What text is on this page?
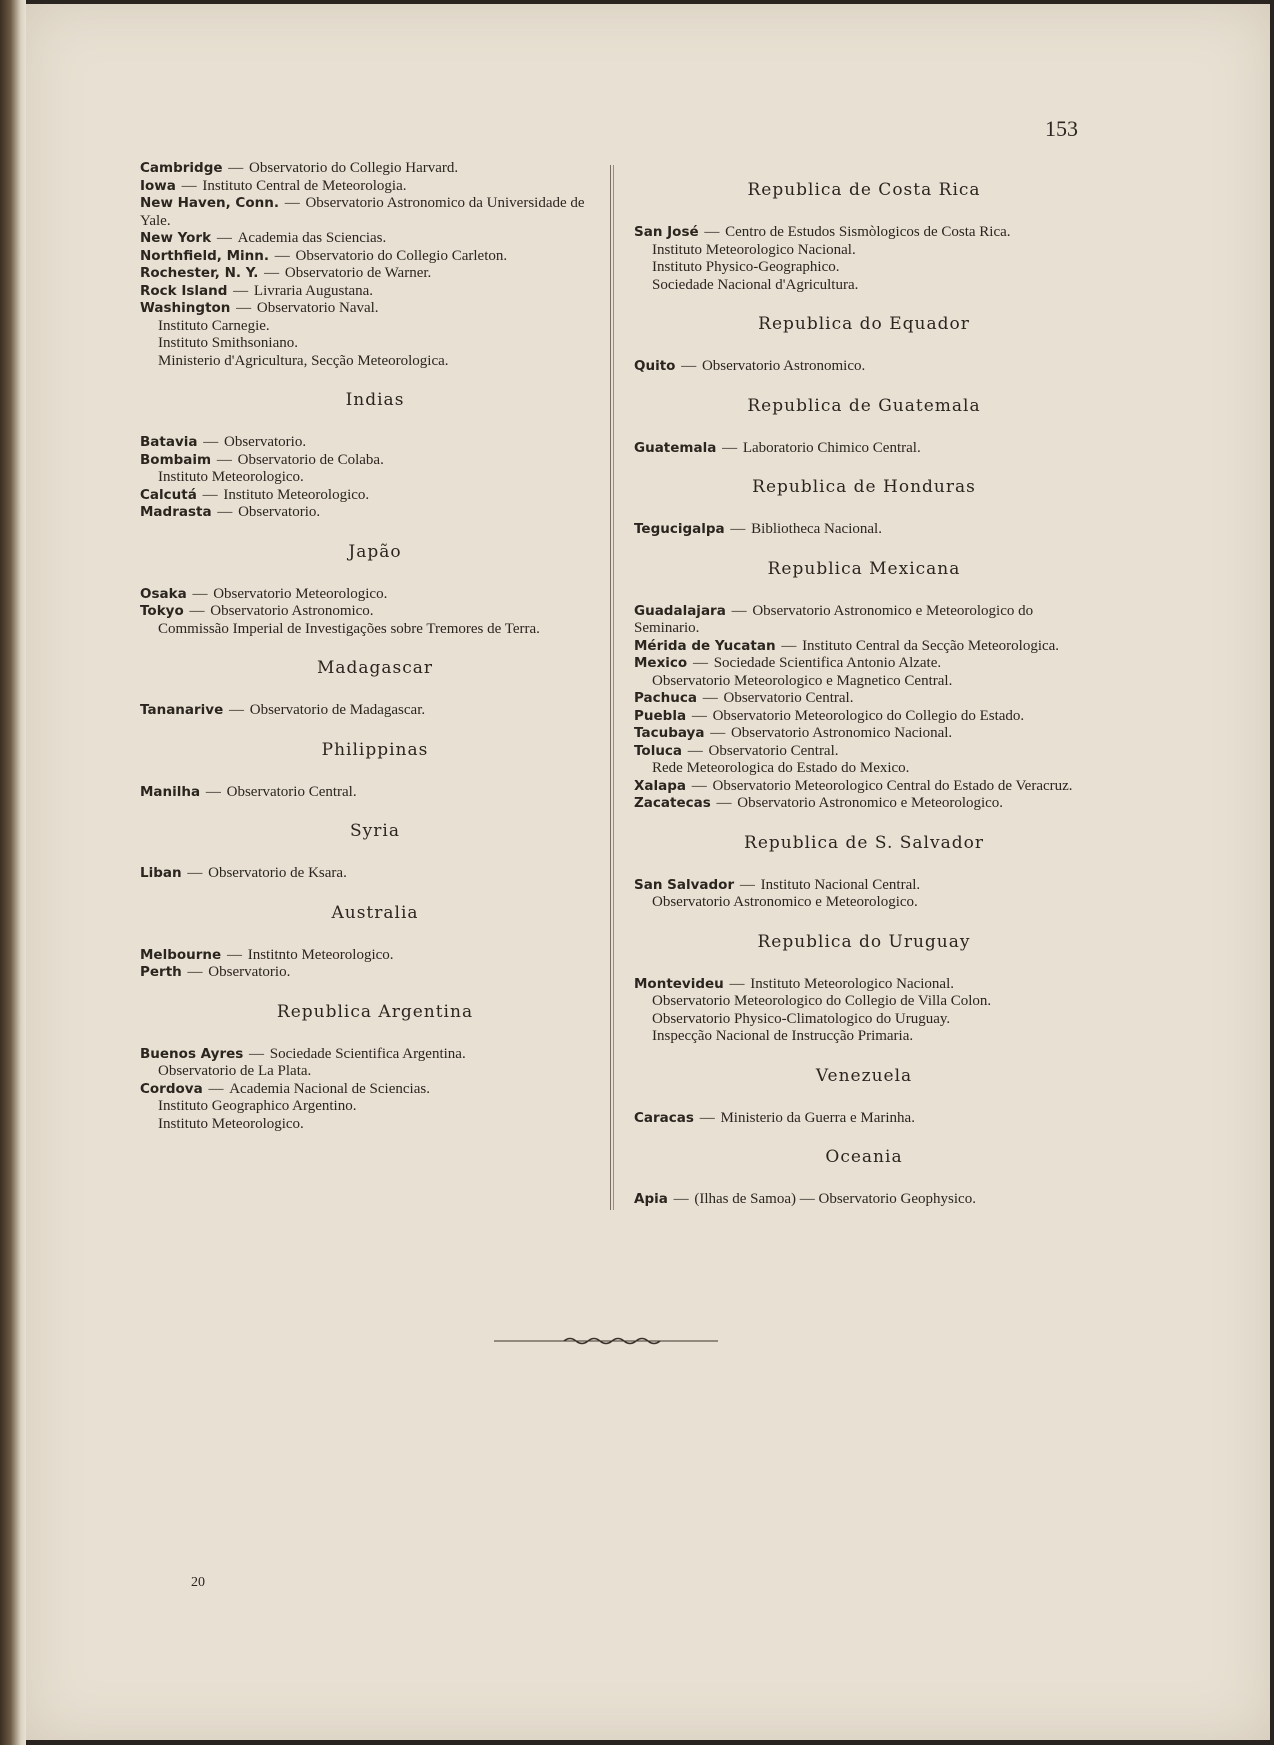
153

Cambridge — Observatorio do Collegio Harvard.

Iowa — Instituto Central de Meteorologia.

New Haven, Conn. — Observatorio Astronomico da Universidade de Yale.

New York — Academia das Sciencias.

Northfield, Minn. — Observatorio do Collegio Carleton.

Rochester, N. Y. — Observatorio de Warner.

Rock Island — Livraria Augustana.

Washington — Observatorio Naval.

Instituto Carnegie.

Instituto Smithsoniano.

Ministerio d'Agricultura, Secção Meteorologica.

Indias

Batavia — Observatorio.

Bombaim — Observatorio de Colaba.

Instituto Meteorologico.

Calcutá — Instituto Meteorologico.

Madrasta — Observatorio.

Japão

Osaka — Observatorio Meteorologico.

Tokyo — Observatorio Astronomico.

Commissão Imperial de Investigações sobre Tremores de Terra.

Madagascar

Tananarive — Observatorio de Madagascar.

Philippinas

Manilha — Observatorio Central.

Syria

Liban — Observatorio de Ksara.

Australia

Melbourne — Institnto Meteorologico.

Perth — Observatorio.

Republica Argentina

Buenos Ayres — Sociedade Scientifica Argentina.

Observatorio de La Plata.

Cordova — Academia Nacional de Sciencias.

Instituto Geographico Argentino.

Instituto Meteorologico.

Republica de Costa Rica

San José — Centro de Estudos Sismòlogicos de Costa Rica.

Instituto Meteorologico Nacional.

Instituto Physico-Geographico.

Sociedade Nacional d'Agricultura.

Republica do Equador

Quito — Observatorio Astronomico.

Republica de Guatemala

Guatemala — Laboratorio Chimico Central.

Republica de Honduras

Tegucigalpa — Bibliotheca Nacional.

Republica Mexicana

Guadalajara — Observatorio Astronomico e Meteorologico do Seminario.

Mérida de Yucatan — Instituto Central da Secção Meteorologica.

Mexico — Sociedade Scientifica Antonio Alzate.

Observatorio Meteorologico e Magnetico Central.

Pachuca — Observatorio Central.

Puebla — Observatorio Meteorologico do Collegio do Estado.

Tacubaya — Observatorio Astronomico Nacional.

Toluca — Observatorio Central.

Rede Meteorologica do Estado do Mexico.

Xalapa — Observatorio Meteorologico Central do Estado de Veracruz.

Zacatecas — Observatorio Astronomico e Meteorologico.

Republica de S. Salvador

San Salvador — Instituto Nacional Central.

Observatorio Astronomico e Meteorologico.

Republica do Uruguay

Montevideu — Instituto Meteorologico Nacional.

Observatorio Meteorologico do Collegio de Villa Colon.

Observatorio Physico-Climatologico do Uruguay.

Inspecção Nacional de Instrucção Primaria.

Venezuela

Caracas — Ministerio da Guerra e Marinha.

Oceania

Apia — (Ilhas de Samoa) — Observatorio Geophysico.

20
